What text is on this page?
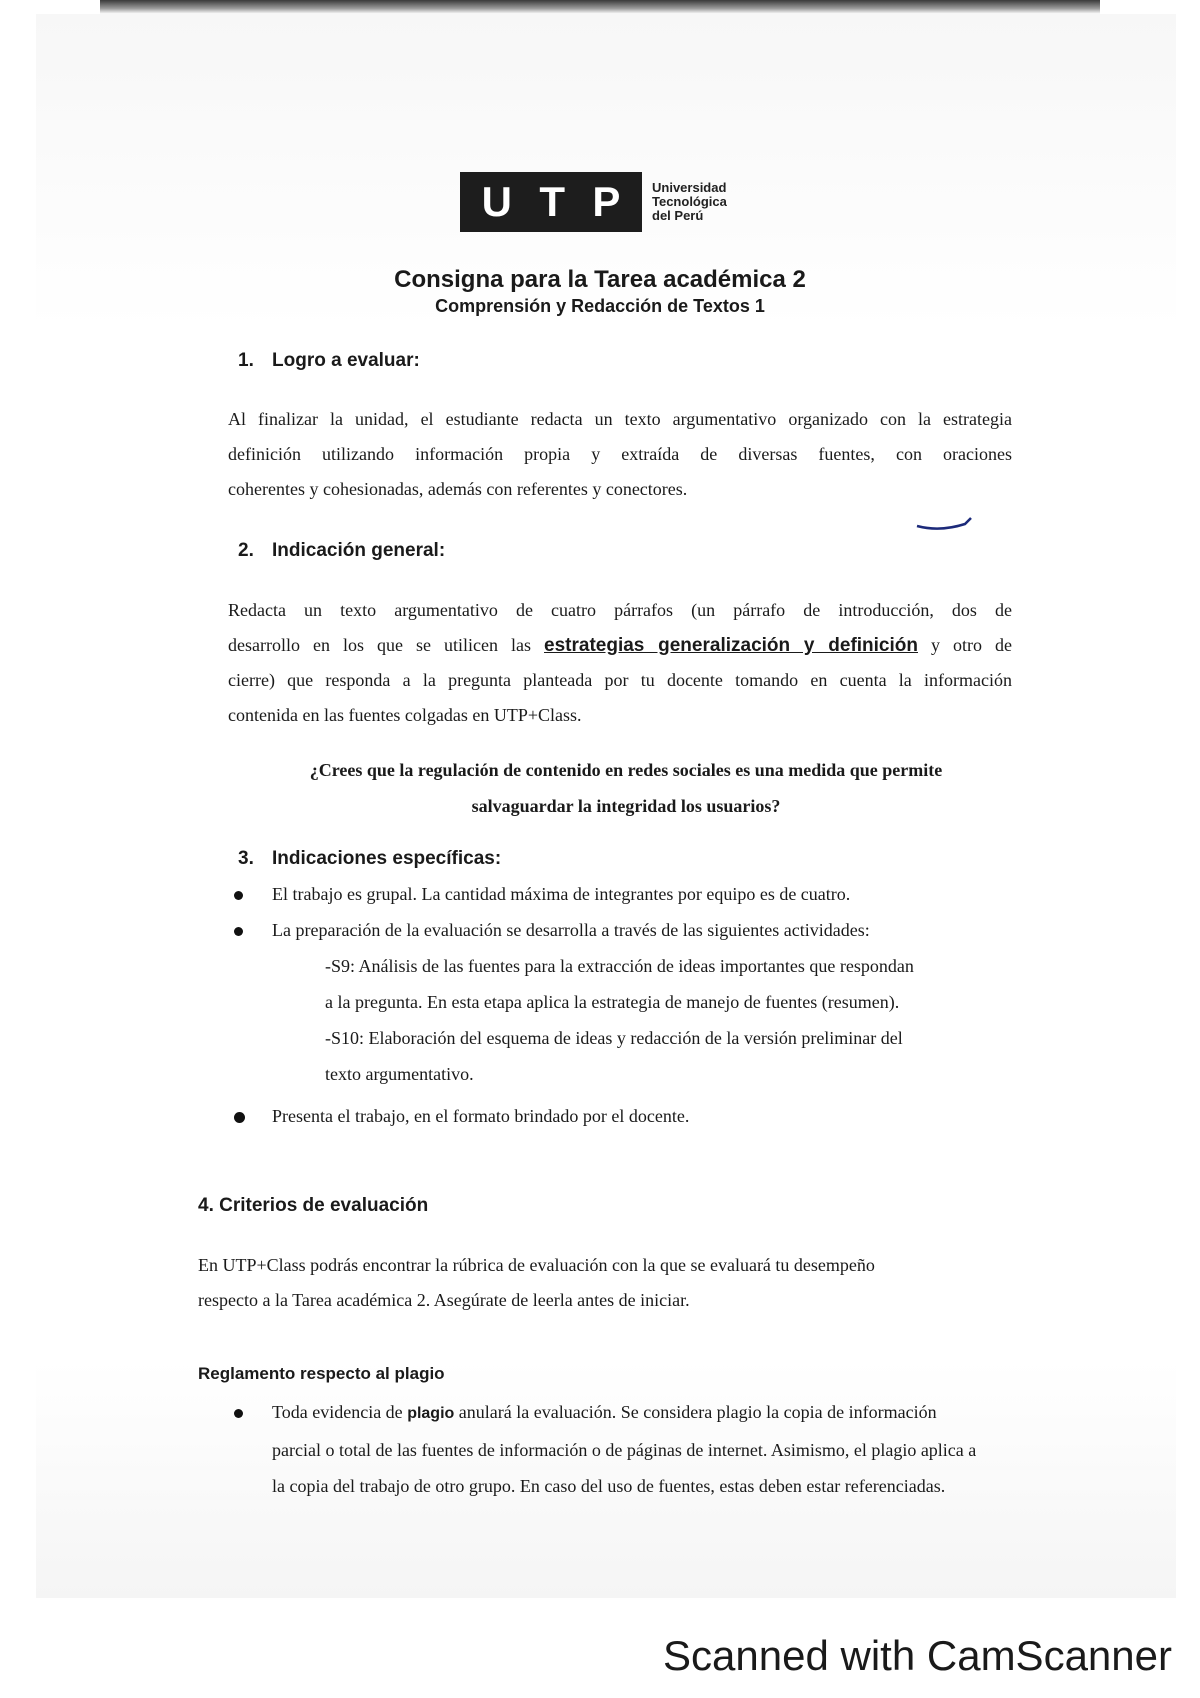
U T P Universidad
Tecnológica
del Perú
Consigna para la Tarea académica 2
Comprensión y Redacción de Textos 1
1. Logro a evaluar:
Al finalizar la unidad, el estudiante redacta un texto argumentativo organizado con la estrategia
definición utilizando información propia y extraída de diversas fuentes, con oraciones
coherentes y cohesionadas, además con referentes y conectores.
2. Indicación general:
Redacta un texto argumentativo de cuatro párrafos (un párrafo de introducción, dos de
desarrollo en los que se utilicen las estrategias generalización y definición y otro de
cierre) que responda a la pregunta planteada por tu docente tomando en cuenta la información
contenida en las fuentes colgadas en UTP+Class.
¿Crees que la regulación de contenido en redes sociales es una medida que permite
salvaguardar la integridad los usuarios?
3. Indicaciones específicas:
El trabajo es grupal. La cantidad máxima de integrantes por equipo es de cuatro.
La preparación de la evaluación se desarrolla a través de las siguientes actividades:
-S9: Análisis de las fuentes para la extracción de ideas importantes que respondan
a la pregunta. En esta etapa aplica la estrategia de manejo de fuentes (resumen).
-S10: Elaboración del esquema de ideas y redacción de la versión preliminar del
texto argumentativo.
Presenta el trabajo, en el formato brindado por el docente.
4. Criterios de evaluación
En UTP+Class podrás encontrar la rúbrica de evaluación con la que se evaluará tu desempeño
respecto a la Tarea académica 2. Asegúrate de leerla antes de iniciar.
Reglamento respecto al plagio
Toda evidencia de plagio anulará la evaluación. Se considera plagio la copia de información
parcial o total de las fuentes de información o de páginas de internet. Asimismo, el plagio aplica a
la copia del trabajo de otro grupo. En caso del uso de fuentes, estas deben estar referenciadas.
Scanned with CamScanner
